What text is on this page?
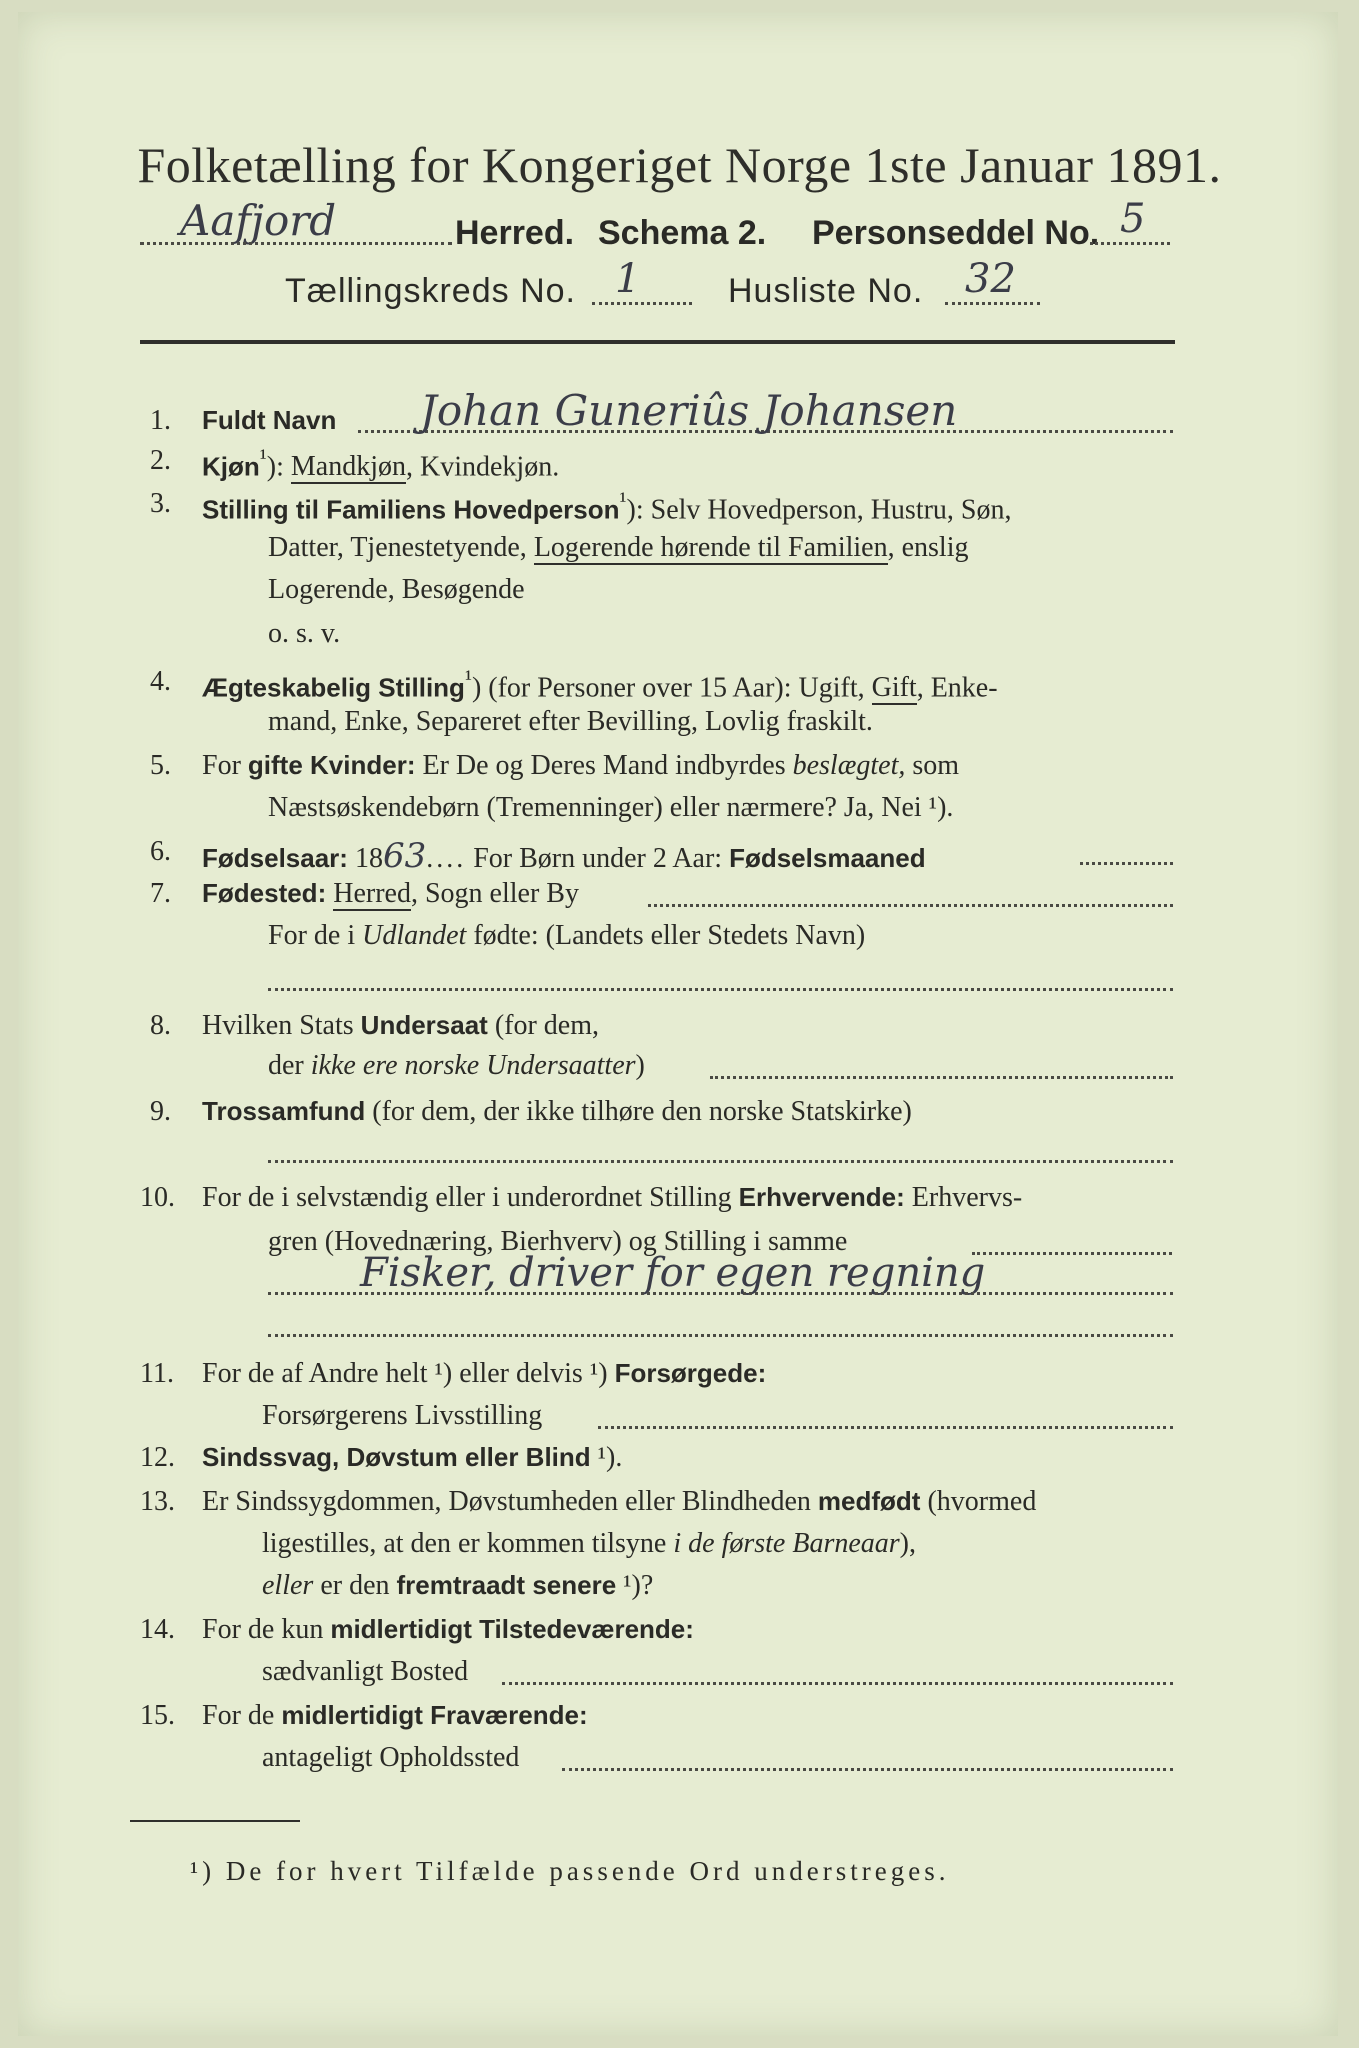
Folketælling for Kongeriget Norge 1ste Januar 1891.
Aafjord	Herred. Schema 2. Personseddel No. 5
Tællingskreds No. 1	Husliste No. 32
1. Fuldt Navn Johan Guneriûs Johansen
2. Kjøn$^{^1}$): Mandkjøn, Kvindekjøn.
3. Stilling til Familiens Hovedperson$^{^1}$): Selv Hovedperson, Hustru, Søn,
Datter, Tjenestetyende, Logerende hørende til Familien, enslig
Logerende, Besøgende
o. s. v.
4. Ægteskabelig Stilling$^{^1}$) (for Personer over 15 Aar): Ugift, Gift, Enke-
mand, Enke, Separeret efter Bevilling, Lovlig fraskilt.
5. For gifte Kvinder: Er De og Deres Mand indbyrdes beslægtet, som
Næstsøskendebørn (Tremenninger) eller nærmere? Ja, Nei ¹).
6. Fødselsaar: 1863.... For Børn under 2 Aar: Fødselsmaaned
7. Fødested: Herred, Sogn eller By
For de i Udlandet fødte: (Landets eller Stedets Navn)
8. Hvilken Stats Undersaat (for dem,
der ikke ere norske Undersaatter)
9. Trossamfund (for dem, der ikke tilhøre den norske Statskirke)
10. For de i selvstændig eller i underordnet Stilling Erhvervende: Erhvervs-
gren (Hovednæring, Bierhverv) og Stilling i samme
Fisker, driver for egen regning
11. For de af Andre helt ¹) eller delvis ¹) Forsørgede:
Forsørgerens Livsstilling
12. Sindssvag, Døvstum eller Blind ¹).
13. Er Sindssygdommen, Døvstumheden eller Blindheden medfødt (hvormed
ligestilles, at den er kommen tilsyne i de første Barneaar),
eller er den fremtraadt senere ¹)?
14. For de kun midlertidigt Tilstedeværende:
sædvanligt Bosted
15. For de midlertidigt Fraværende:
antageligt Opholdssted
¹) De for hvert Tilfælde passende Ord understreges.
